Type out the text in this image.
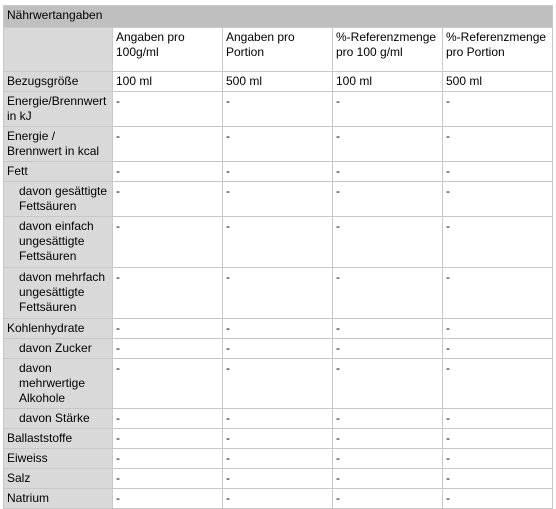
Nährwertangaben				
	Angaben pro 100g/ml	Angaben pro Portion	%-Referenzmenge pro 100 g/ml	%-Referenzmenge pro Portion
Bezugsgröße	100 ml	500 ml	100 ml	500 ml
Energie/Brennwert in kJ	-	-	-	-
Energie / Brennwert in kcal	-	-	-	-
Fett	-	-	-	-
davon gesättigte Fettsäuren	-	-	-	-
davon einfach ungesättigte Fettsäuren	-	-	-	-
davon mehrfach ungesättigte Fettsäuren	-	-	-	-
Kohlenhydrate	-	-	-	-
davon Zucker	-	-	-	-
davon mehrwertige Alkohole	-	-	-	-
davon Stärke	-	-	-	-
Ballaststoffe	-	-	-	-
Eiweiss	-	-	-	-
Salz	-	-	-	-
Natrium	-	-	-	-
